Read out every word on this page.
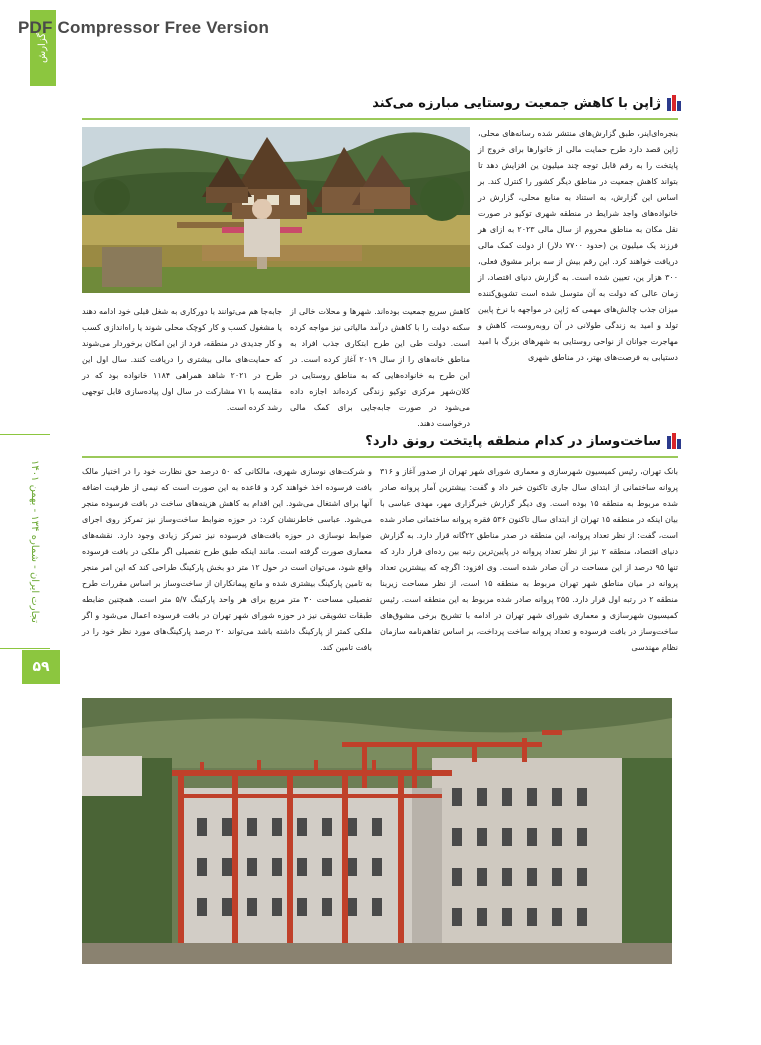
PDF Compressor Free Version
گزارش
تجارت ایران - شماره ۱۳۴ - بهمن ۱۴۰۱
۵۹
ژاپن با کاهش جمعیت روستایی مبارزه می‌کند
بنجره‌ای‌اینر، طبق گزارش‌های منتشر شده رسانه‌های محلی، ژاپن قصد دارد طرح حمایت مالی از خانوارها برای خروج از پایتخت را به رقم قابل توجه چند میلیون ین افزایش دهد تا بتواند کاهش جمعیت در مناطق دیگر کشور را کنترل کند. بر اساس این گزارش، به استناد به منابع محلی، گزارش در خانواده‌های واجد شرایط در منطقه شهری توکیو در صورت نقل مکان به مناطق محروم از سال مالی ۲۰۲۳ به ازای هر فرزند یک میلیون ین (حدود ۷۷۰۰ دلار) از دولت کمک مالی دریافت خواهند کرد. این رقم بیش از سه برابر مشوق فعلی، ۳۰۰ هزار ین، تعیین شده است. به گزارش دنیای اقتصاد، از زمان عالی که دولت به آن متوسل شده است تشویق‌کننده میزان جذب چالش‌های مهمی که ژاپن در مواجهه با نرخ پایین تولد و امید به زندگی طولانی در آن روبه‌روست، کاهش و مهاجرت جوانان از نواحی روستایی به شهرهای بزرگ با امید دستیابی به فرصت‌های بهتر، در مناطق شهری
کاهش سریع جمعیت بوده‌اند. شهرها و محلات خالی از سکنه دولت را با کاهش درآمد مالیاتی نیز مواجه کرده است. دولت طی این طرح ابتکاری جذب افراد به مناطق خانه‌های را از سال ۲۰۱۹ آغاز کرده است. در این طرح به خانواده‌هایی که به مناطق روستایی در کلان‌شهر مرکزی توکیو زندگی کرده‌اند اجازه داده می‌شود در صورت جابه‌جایی برای کمک مالی درخواست دهند.
جابه‌جا هم می‌توانند با دورکاری به شغل قبلی خود ادامه دهند یا مشغول کسب و کار کوچک محلی شوند یا راه‌اندازی کسب و کار جدیدی در منطقه، فرد از این امکان برخوردار می‌شوند که حمایت‌های مالی بیشتری را دریافت کنند. سال اول این طرح در ۲۰۲۱ شاهد همراهی ۱۱۸۴ خانواده بود که در مقایسه با ۷۱ مشارکت در سال اول پیاده‌سازی قابل توجهی رشد کرده است.
ساخت‌وساز در کدام منطقه پایتخت رونق دارد؟
بانک تهران، رئیس کمیسیون شهرسازی و معماری شورای شهر تهران از صدور آغاز و ۳۱۶ پروانه ساختمانی از ابتدای سال جاری تاکنون خبر داد و گفت: بیشترین آمار پروانه صادر شده مربوط به منطقه ۱۵ بوده است. وی دیگر گزارش خبرگزاری مهر، مهدی عباسی با بیان اینکه در منطقه ۱۵ تهران از ابتدای سال تاکنون ۵۳۶ فقره پروانه ساختمانی صادر شده است، گفت: از نظر تعداد پروانه، این منطقه در صدر مناطق ۲۲گانه قرار دارد. به گزارش دنیای اقتصاد، منطقه ۲ نیز از نظر تعداد پروانه در پایین‌ترین رتبه بین رده‌ای قرار دارد که تنها ۹۵ درصد از این مساحت در آن صادر شده است. وی افزود: اگرچه که بیشترین تعداد پروانه در میان مناطق شهر تهران مربوط به منطقه ۱۵ است، از نظر مساحت زیربنا منطقه ۲ در رتبه اول قرار دارد. ۲۵۵ پروانه صادر شده مربوط به این منطقه است. رئیس کمیسیون شهرسازی و معماری شورای شهر تهران در ادامه با تشریح برخی مشوق‌های ساخت‌وساز در بافت فرسوده و تعداد پروانه ساخت پرداخت، بر اساس تفاهم‌نامه سازمان نظام مهندسی
و شرکت‌های نوسازی شهری، مالکانی که ۵۰ درصد حق نظارت خود را در اختیار مالک بافت فرسوده اخذ خواهند کرد و قاعده به این صورت است که نیمی از ظرفیت اضافه آنها برای اشتغال می‌شود. این اقدام به کاهش هزینه‌های ساخت در بافت فرسوده منجر می‌شود. عباسی خاطرنشان کرد: در حوزه ضوابط ساخت‌وساز نیز تمرکز روی اجرای ضوابط نوسازی در حوزه بافت‌های فرسوده نیز تمرکز زیادی وجود دارد. نقشه‌های معماری صورت گرفته است. مانند اینکه طبق طرح تفصیلی اگر ملکی در بافت فرسوده واقع شود، می‌توان است در حول ۱۲ متر دو بخش پارکینگ طراحی کند که این امر منجر به تامین پارکینگ بیشتری شده و مانع پیمانکاران از ساخت‌وساز بر اساس مقررات طرح تفصیلی مساحت ۳۰ متر مربع برای هر واحد پارکینگ ۵/۷ متر است. همچنین ضابطه طبقات تشویقی نیز در حوزه شورای شهر تهران در بافت فرسوده اعمال می‌شود و اگر ملکی کمتر از پارکینگ داشته باشد می‌تواند ۲۰ درصد پارکینگ‌های مورد نظر خود را در بافت تامین کند.
